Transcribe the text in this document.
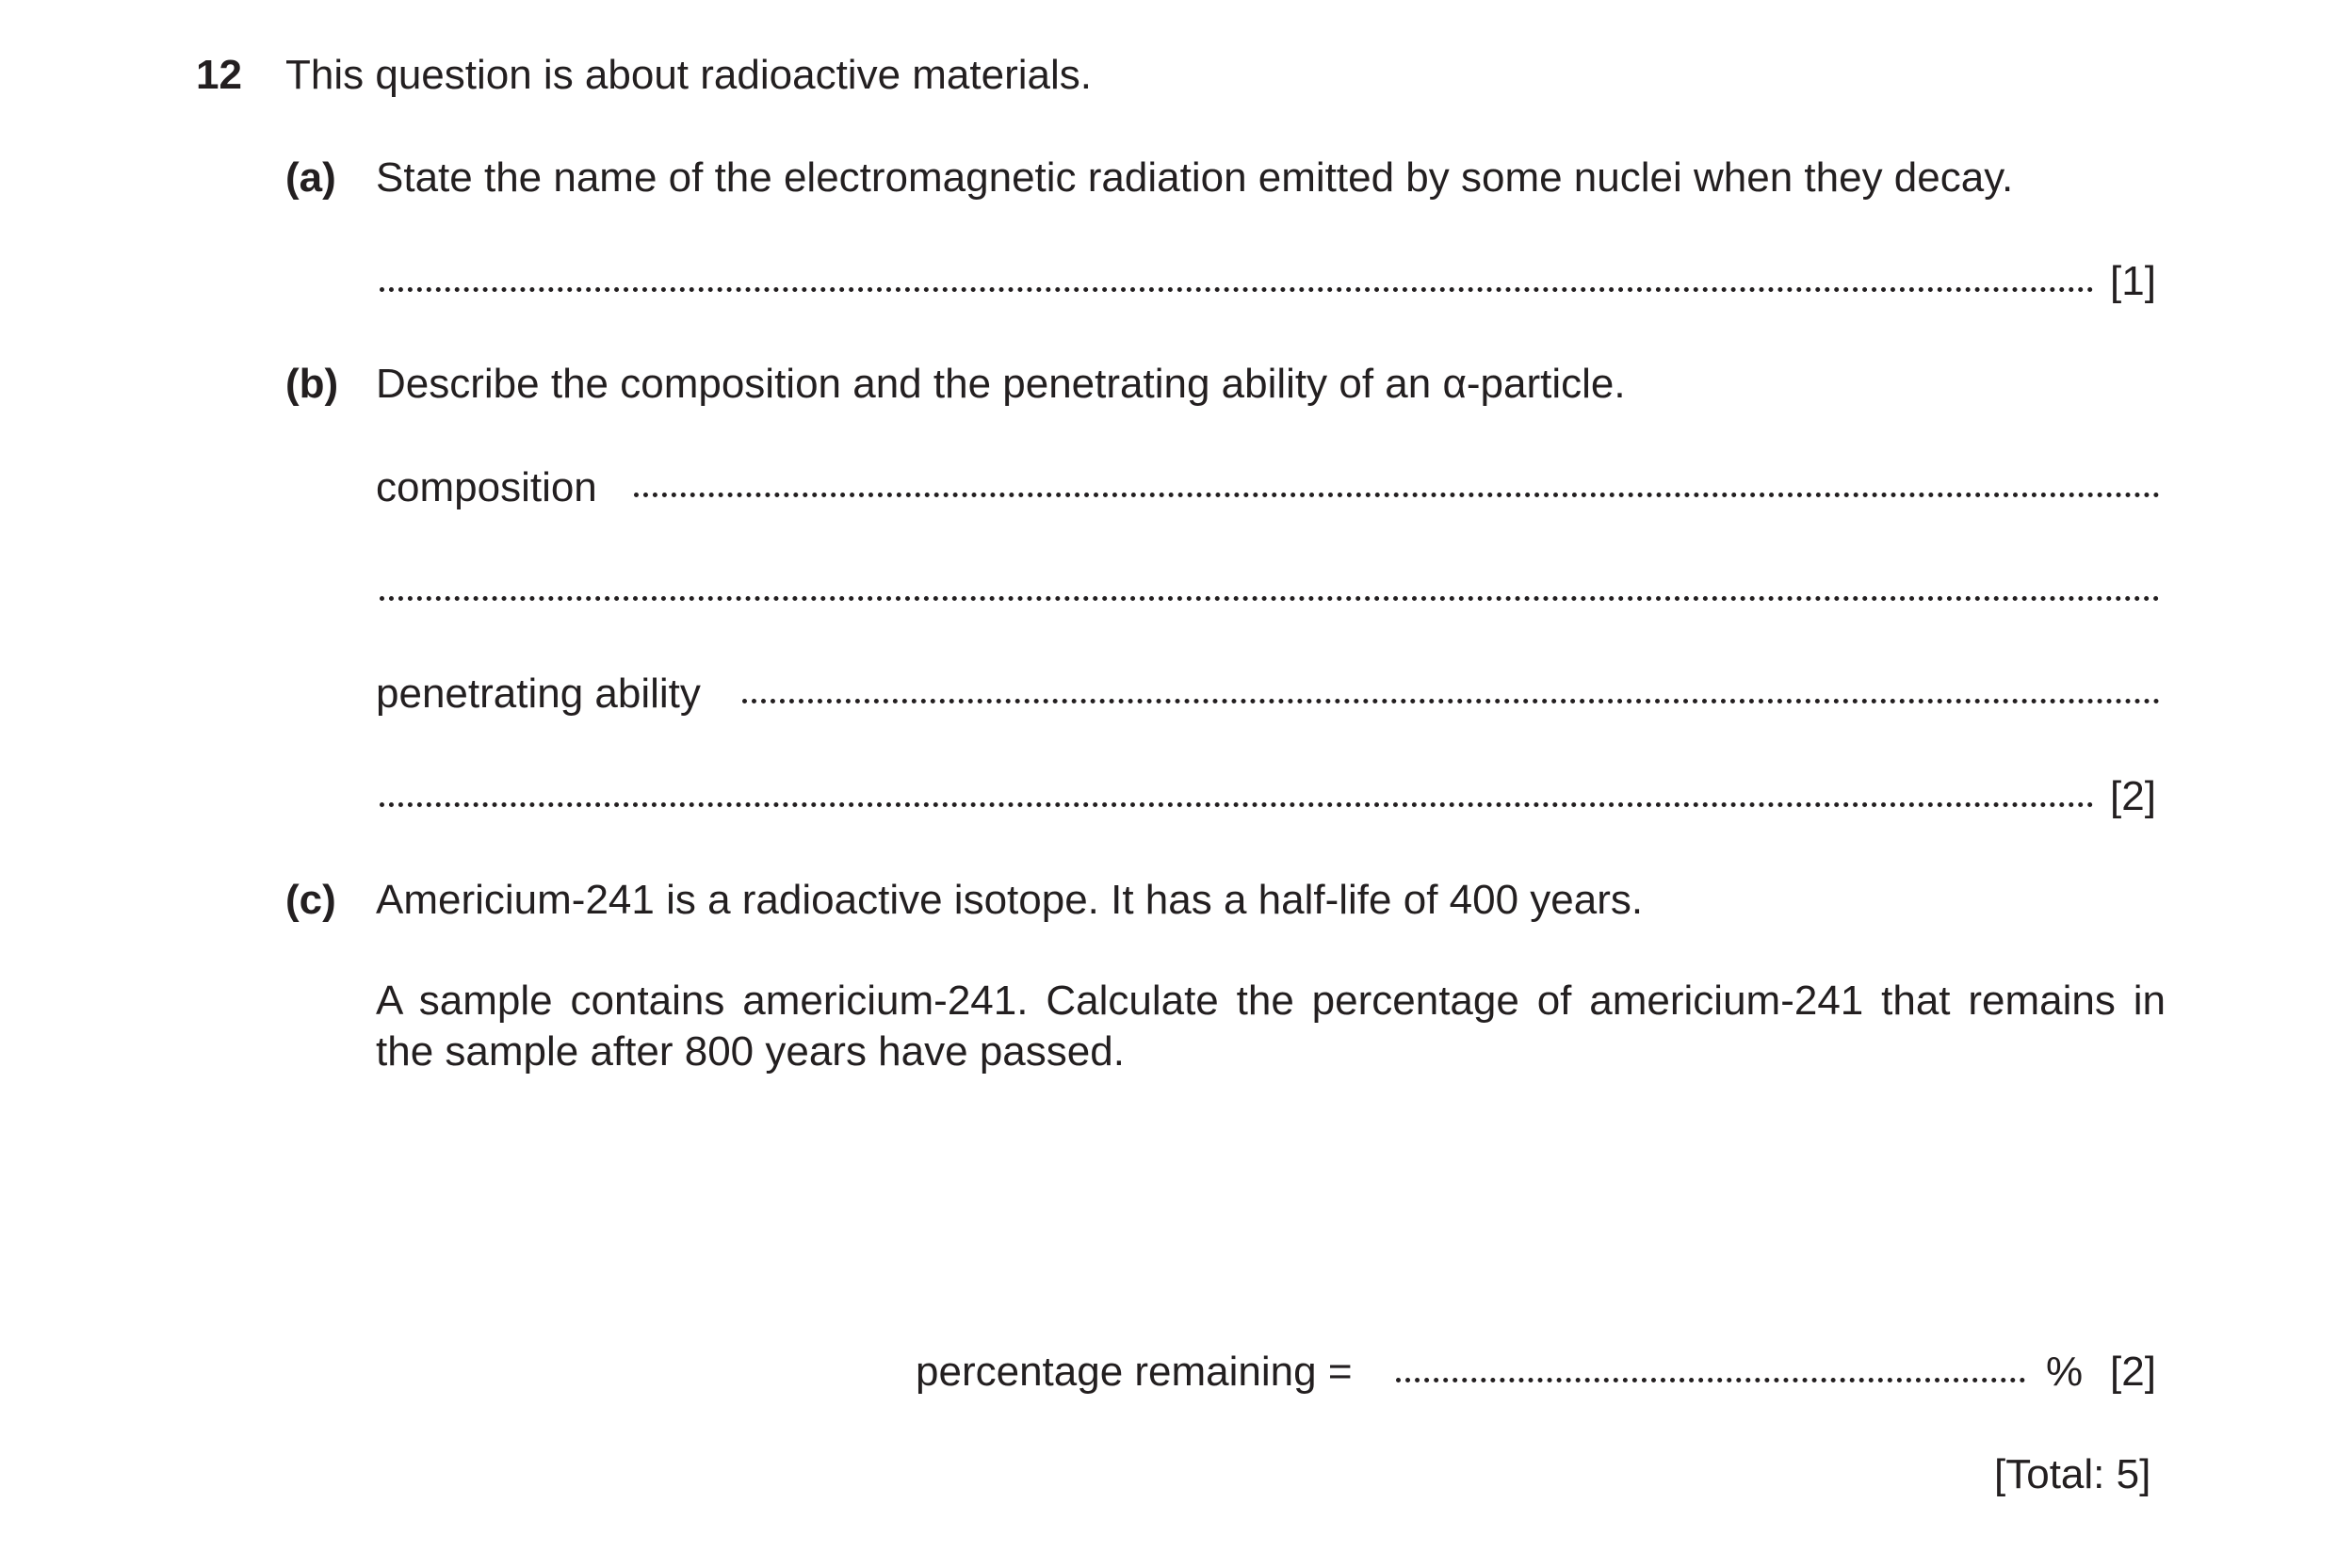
12 This question is about radioactive materials.
(a) State the name of the electromagnetic radiation emitted by some nuclei when they decay.
[1]
(b) Describe the composition and the penetrating ability of an α-particle.
composition
penetrating ability
[2]
(c) Americium-241 is a radioactive isotope. It has a half-life of 400 years.
A sample contains americium-241. Calculate the percentage of americium-241 that remains in the sample after 800 years have passed.
percentage remaining =	% [2]
[Total: 5]
